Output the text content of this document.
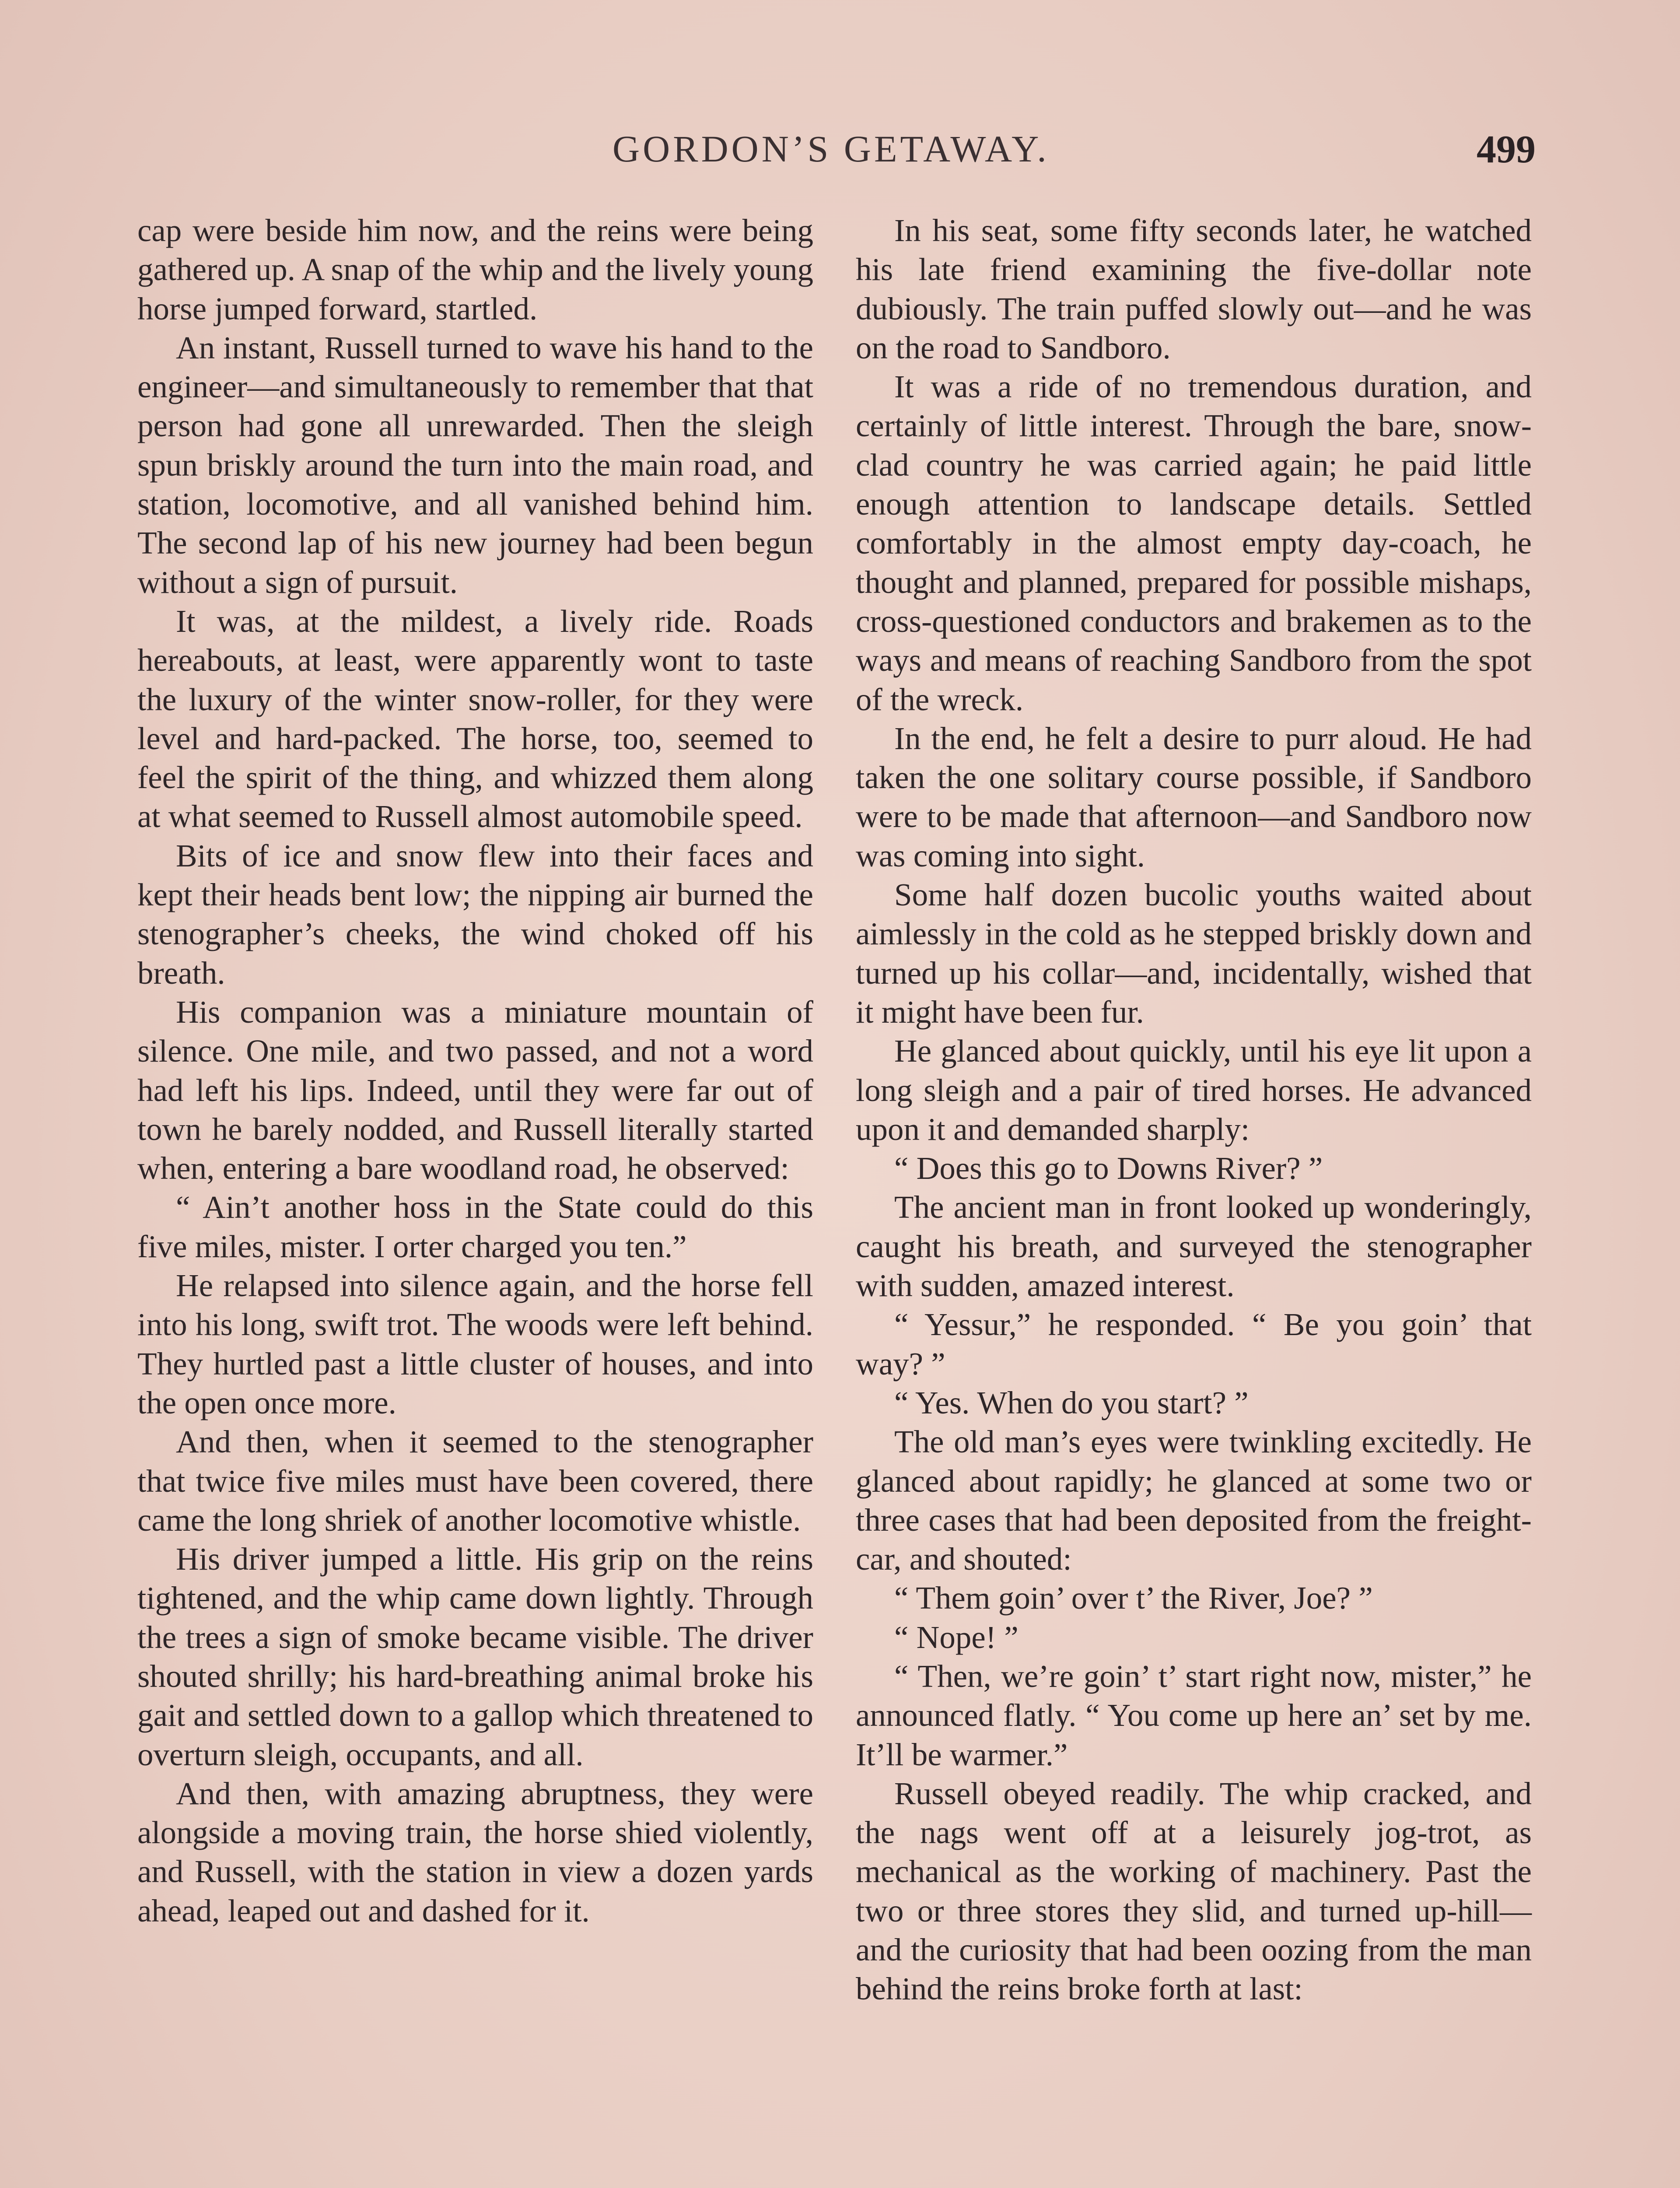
GORDON’S GETAWAY.	499

cap were beside him now, and the reins were being gathered up. A snap of the whip and the lively young horse jumped forward, startled.

An instant, Russell turned to wave his hand to the engineer—and simultaneously to remember that that person had gone all unrewarded. Then the sleigh spun briskly around the turn into the main road, and station, locomotive, and all vanished behind him. The second lap of his new journey had been begun without a sign of pursuit.

It was, at the mildest, a lively ride. Roads hereabouts, at least, were apparently wont to taste the luxury of the winter snow-roller, for they were level and hard-packed. The horse, too, seemed to feel the spirit of the thing, and whizzed them along at what seemed to Russell almost automobile speed.

Bits of ice and snow flew into their faces and kept their heads bent low; the nipping air burned the stenographer’s cheeks, the wind choked off his breath.

His companion was a miniature mountain of silence. One mile, and two passed, and not a word had left his lips. Indeed, until they were far out of town he barely nodded, and Russell literally started when, entering a bare woodland road, he observed:

“ Ain’t another hoss in the State could do this five miles, mister. I orter charged you ten.”

He relapsed into silence again, and the horse fell into his long, swift trot. The woods were left behind. They hurtled past a little cluster of houses, and into the open once more.

And then, when it seemed to the stenographer that twice five miles must have been covered, there came the long shriek of another locomotive whistle.

His driver jumped a little. His grip on the reins tightened, and the whip came down lightly. Through the trees a sign of smoke became visible. The driver shouted shrilly; his hard-breathing animal broke his gait and settled down to a gallop which threatened to overturn sleigh, occupants, and all.

And then, with amazing abruptness, they were alongside a moving train, the horse shied violently, and Russell, with the station in view a dozen yards ahead, leaped out and dashed for it.

In his seat, some fifty seconds later, he watched his late friend examining the five-dollar note dubiously. The train puffed slowly out—and he was on the road to Sandboro.

It was a ride of no tremendous duration, and certainly of little interest. Through the bare, snow-clad country he was carried again; he paid little enough attention to landscape details. Settled comfortably in the almost empty day-coach, he thought and planned, prepared for possible mishaps, cross-questioned conductors and brakemen as to the ways and means of reaching Sandboro from the spot of the wreck.

In the end, he felt a desire to purr aloud. He had taken the one solitary course possible, if Sandboro were to be made that afternoon—and Sandboro now was coming into sight.

Some half dozen bucolic youths waited about aimlessly in the cold as he stepped briskly down and turned up his collar—and, incidentally, wished that it might have been fur.

He glanced about quickly, until his eye lit upon a long sleigh and a pair of tired horses. He advanced upon it and demanded sharply:

“ Does this go to Downs River? ”

The ancient man in front looked up wonderingly, caught his breath, and surveyed the stenographer with sudden, amazed interest.

“ Yessur,” he responded. “ Be you goin’ that way? ”

“ Yes. When do you start? ”

The old man’s eyes were twinkling excitedly. He glanced about rapidly; he glanced at some two or three cases that had been deposited from the freight-car, and shouted:

“ Them goin’ over t’ the River, Joe? ”

“ Nope! ”

“ Then, we’re goin’ t’ start right now, mister,” he announced flatly. “ You come up here an’ set by me. It’ll be warmer.”

Russell obeyed readily. The whip cracked, and the nags went off at a leisurely jog-trot, as mechanical as the working of machinery. Past the two or three stores they slid, and turned up-hill—and the curiosity that had been oozing from the man behind the reins broke forth at last:
